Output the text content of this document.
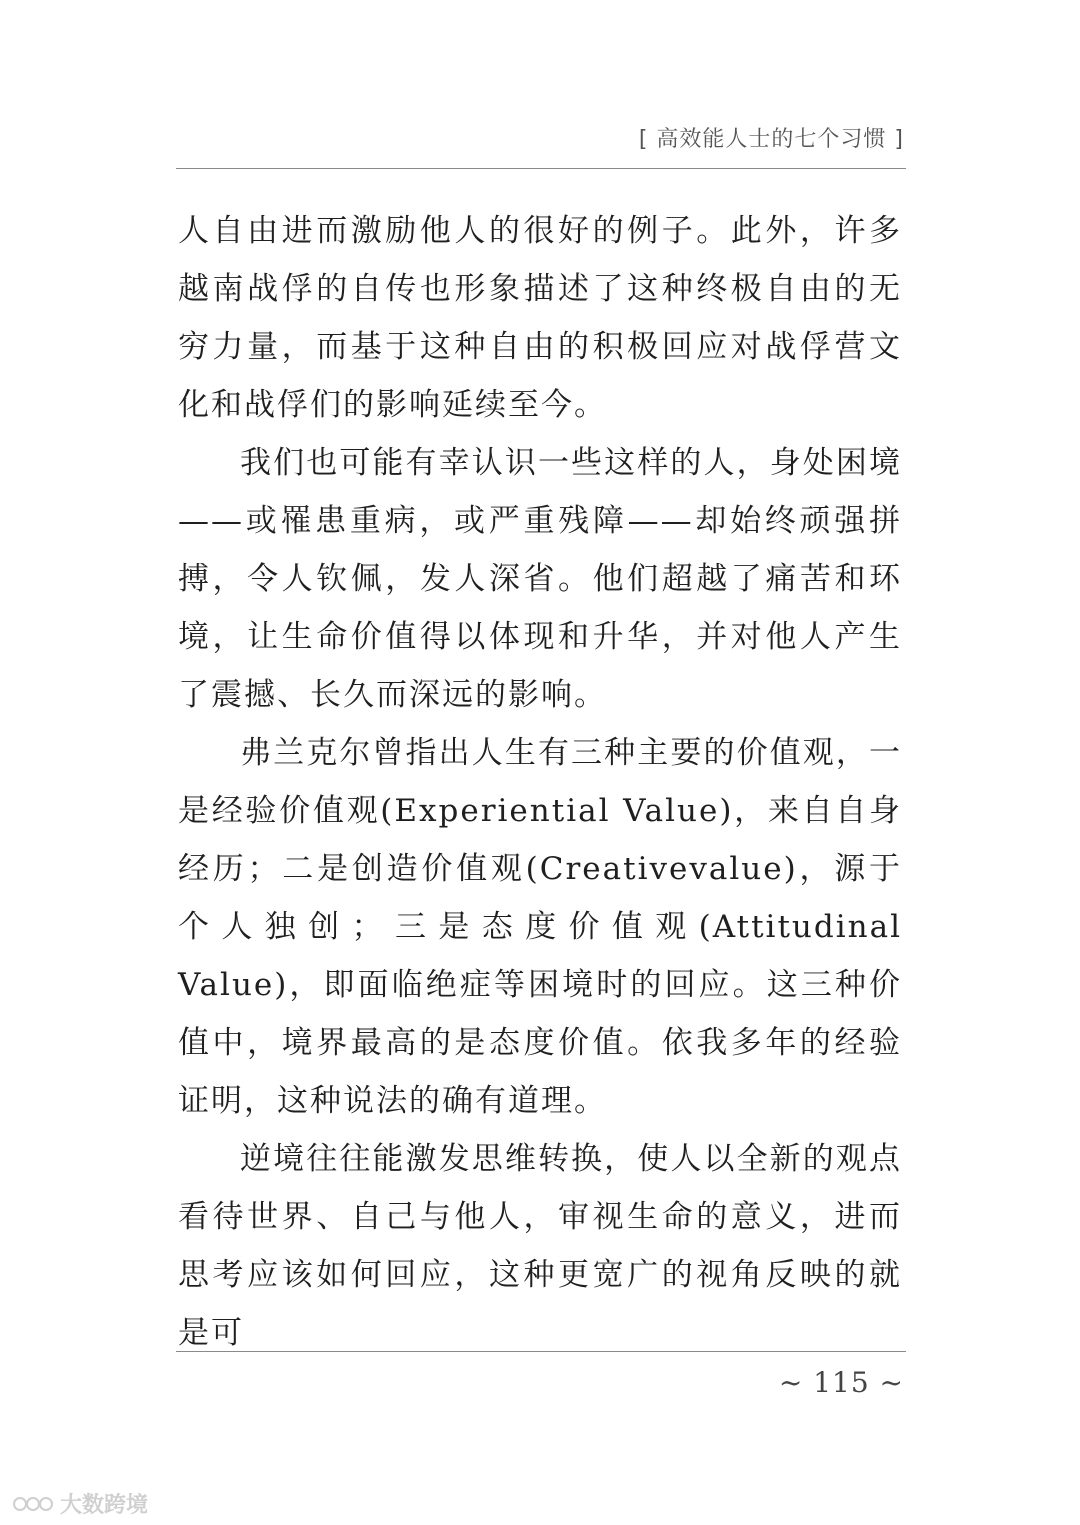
[ 高效能人士的七个习惯 ]

人自由进而激励他人的很好的例子。此外，许多越南战俘的自传也形象描述了这种终极自由的无穷力量，而基于这种自由的积极回应对战俘营文化和战俘们的影响延续至今。

我们也可能有幸认识一些这样的人，身处困境——或罹患重病，或严重残障——却始终顽强拼搏，令人钦佩，发人深省。他们超越了痛苦和环境，让生命价值得以体现和升华，并对他人产生了震撼、长久而深远的影响。

弗兰克尔曾指出人生有三种主要的价值观，一是经验价值观(Experiential Value)，来自自身经历；二是创造价值观(Creativevalue)，源于个人独创；三是态度价值观(Attitudinal Value)，即面临绝症等困境时的回应。这三种价值中，境界最高的是态度价值。依我多年的经验证明，这种说法的确有道理。

逆境往往能激发思维转换，使人以全新的观点看待世界、自己与他人，审视生命的意义，进而思考应该如何回应，这种更宽广的视角反映的就是可

~ 115 ~
大数跨境
